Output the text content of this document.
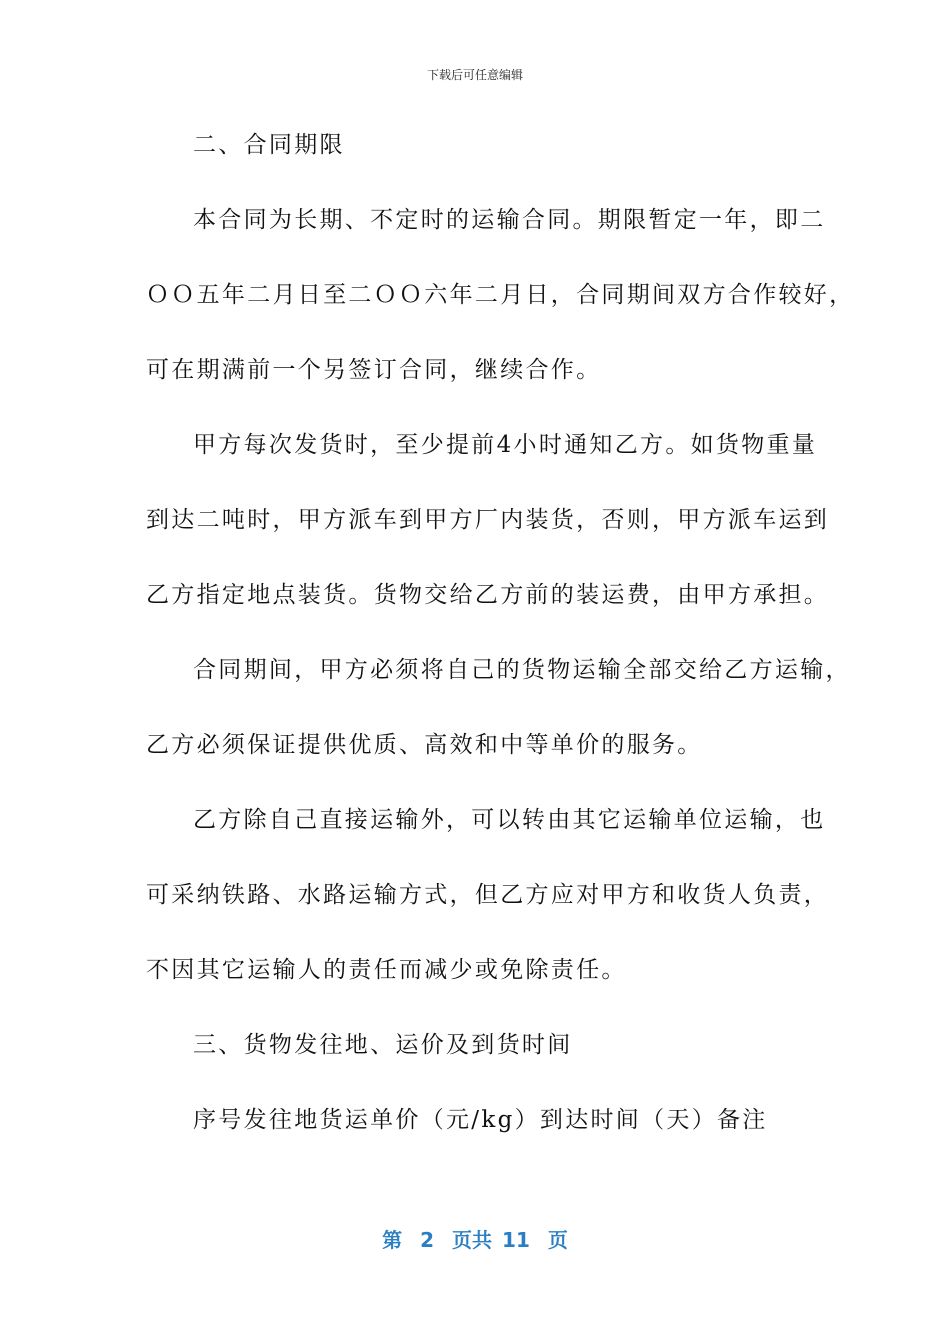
下载后可任意编辑
二、合同期限
本合同为长期、不定时的运输合同。期限暂定一年，即二
ＯＯ五年二月日至二ＯＯ六年二月日，合同期间双方合作较好，
可在期满前一个另签订合同，继续合作。
甲方每次发货时，至少提前4小时通知乙方。如货物重量
到达二吨时，甲方派车到甲方厂内装货，否则，甲方派车运到
乙方指定地点装货。货物交给乙方前的装运费，由甲方承担。
合同期间，甲方必须将自己的货物运输全部交给乙方运输，
乙方必须保证提供优质、高效和中等单价的服务。
乙方除自己直接运输外，可以转由其它运输单位运输，也
可采纳铁路、水路运输方式，但乙方应对甲方和收货人负责，
不因其它运输人的责任而减少或免除责任。
三、货物发往地、运价及到货时间
序号发往地货运单价（元/kg）到达时间（天）备注
第 2 页共 11 页
